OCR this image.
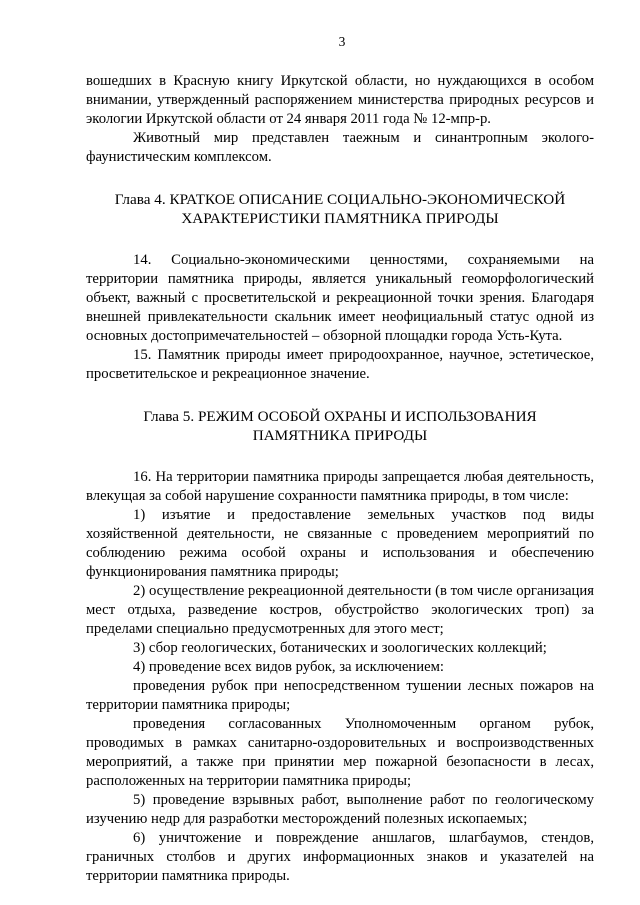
3

вошедших в Красную книгу Иркутской области, но нуждающихся в особом внимании, утвержденный распоряжением министерства природных ресурсов и экологии Иркутской области от 24 января 2011 года № 12-мпр-р.

Животный мир представлен таежным и синантропным эколого-фаунистическим комплексом.

Глава 4. КРАТКОЕ ОПИСАНИЕ СОЦИАЛЬНО-ЭКОНОМИЧЕСКОЙ

ХАРАКТЕРИСТИКИ ПАМЯТНИКА ПРИРОДЫ

14. Социально-экономическими ценностями, сохраняемыми на территории памятника природы, является уникальный геоморфологический объект, важный с просветительской и рекреационной точки зрения. Благодаря внешней привлекательности скальник имеет неофициальный статус одной из основных достопримечательностей – обзорной площадки города Усть-Кута.

15. Памятник природы имеет природоохранное, научное, эстетическое, просветительское и рекреационное значение.

Глава 5. РЕЖИМ ОСОБОЙ ОХРАНЫ И ИСПОЛЬЗОВАНИЯ

ПАМЯТНИКА ПРИРОДЫ

16. На территории памятника природы запрещается любая деятельность, влекущая за собой нарушение сохранности памятника природы, в том числе:

1) изъятие и предоставление земельных участков под виды хозяйственной деятельности, не связанные с проведением мероприятий по соблюдению режима особой охраны и использования и обеспечению функционирования памятника природы;

2) осуществление рекреационной деятельности (в том числе организация мест отдыха, разведение костров, обустройство экологических троп) за пределами специально предусмотренных для этого мест;

3) сбор геологических, ботанических и зоологических коллекций;

4) проведение всех видов рубок, за исключением:

проведения рубок при непосредственном тушении лесных пожаров на территории памятника природы;

проведения согласованных Уполномоченным органом рубок, проводимых в рамках санитарно-оздоровительных и воспроизводственных мероприятий, а также при принятии мер пожарной безопасности в лесах, расположенных на территории памятника природы;

5) проведение взрывных работ, выполнение работ по геологическому изучению недр для разработки месторождений полезных ископаемых;

6) уничтожение и повреждение аншлагов, шлагбаумов, стендов, граничных столбов и других информационных знаков и указателей на территории памятника природы.
